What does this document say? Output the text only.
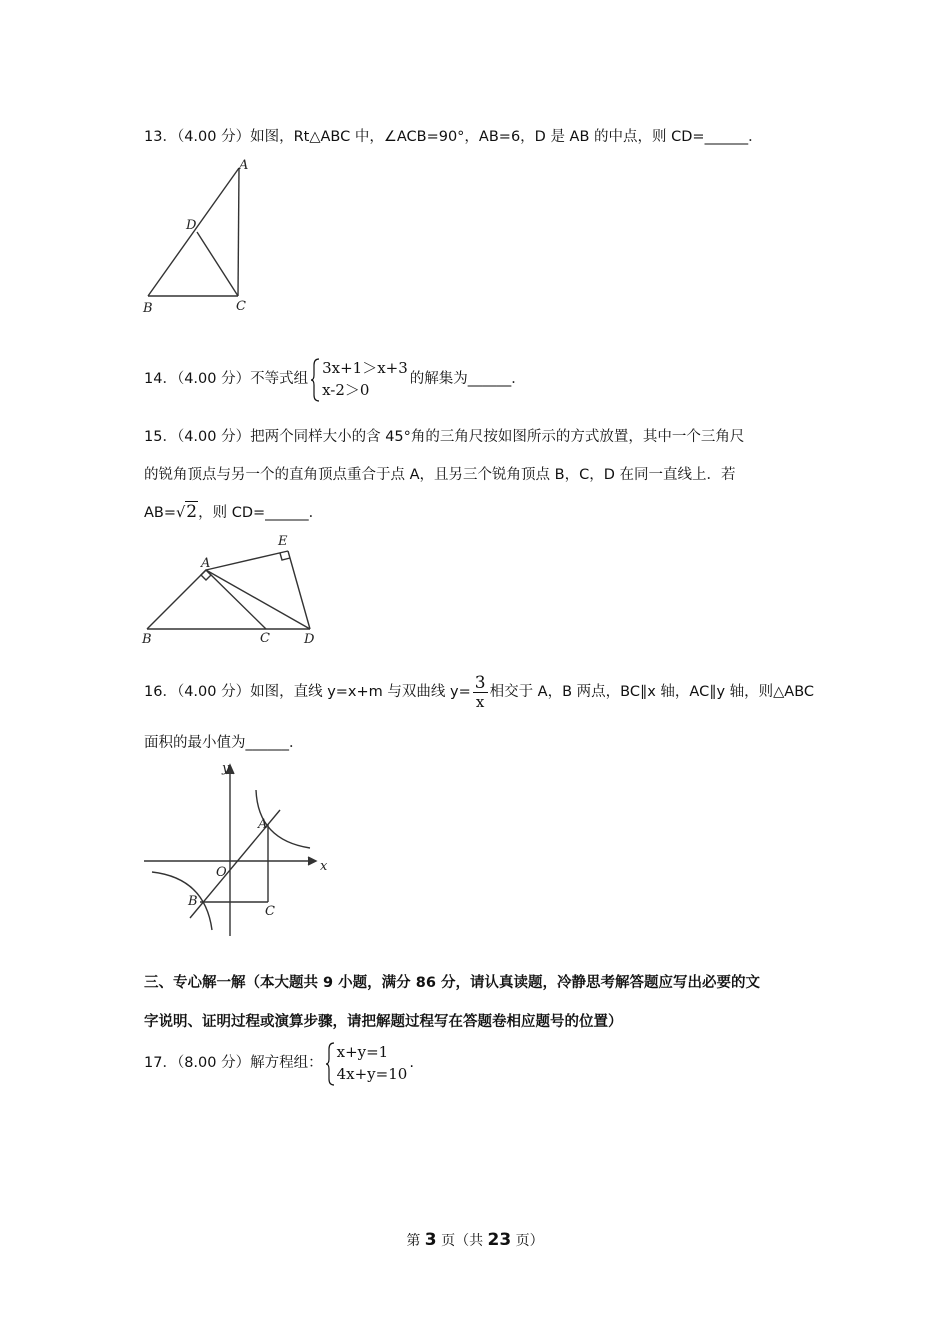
13．（4.00 分）如图，Rt△ABC 中，∠ACB=90°，AB=6，D 是 AB 的中点，则 CD=______．
A
D
B	C
14．（4.00 分）不等式组
3x+1＞x+3
x-2＞0
的解集为______．
15．（4.00 分）把两个同样大小的含 45°角的三角尺按如图所示的方式放置，其中一个三角尺
的锐角顶点与另一个的直角顶点重合于点 A，且另三个锐角顶点 B，C，D 在同一直线上．若
AB=√2，则 CD=______．
A
E
B	C	D
16．（4.00 分）如图，直线 y=x+m 与双曲线 $y= \frac{3}{x}$ 相交于 A，B 两点，BC∥x 轴，AC∥y 轴，则△ABC
面积的最小值为______．
y
x
O
A
B
C
三、专心解一解（本大题共 9 小题，满分 86 分，请认真读题，冷静思考解答题应写出必要的文
字说明、证明过程或演算步骤，请把解题过程写在答题卷相应题号的位置）
17．（8.00 分）解方程组：
x+y=1
4x+y=10
.
第 3 页（共 23 页）
